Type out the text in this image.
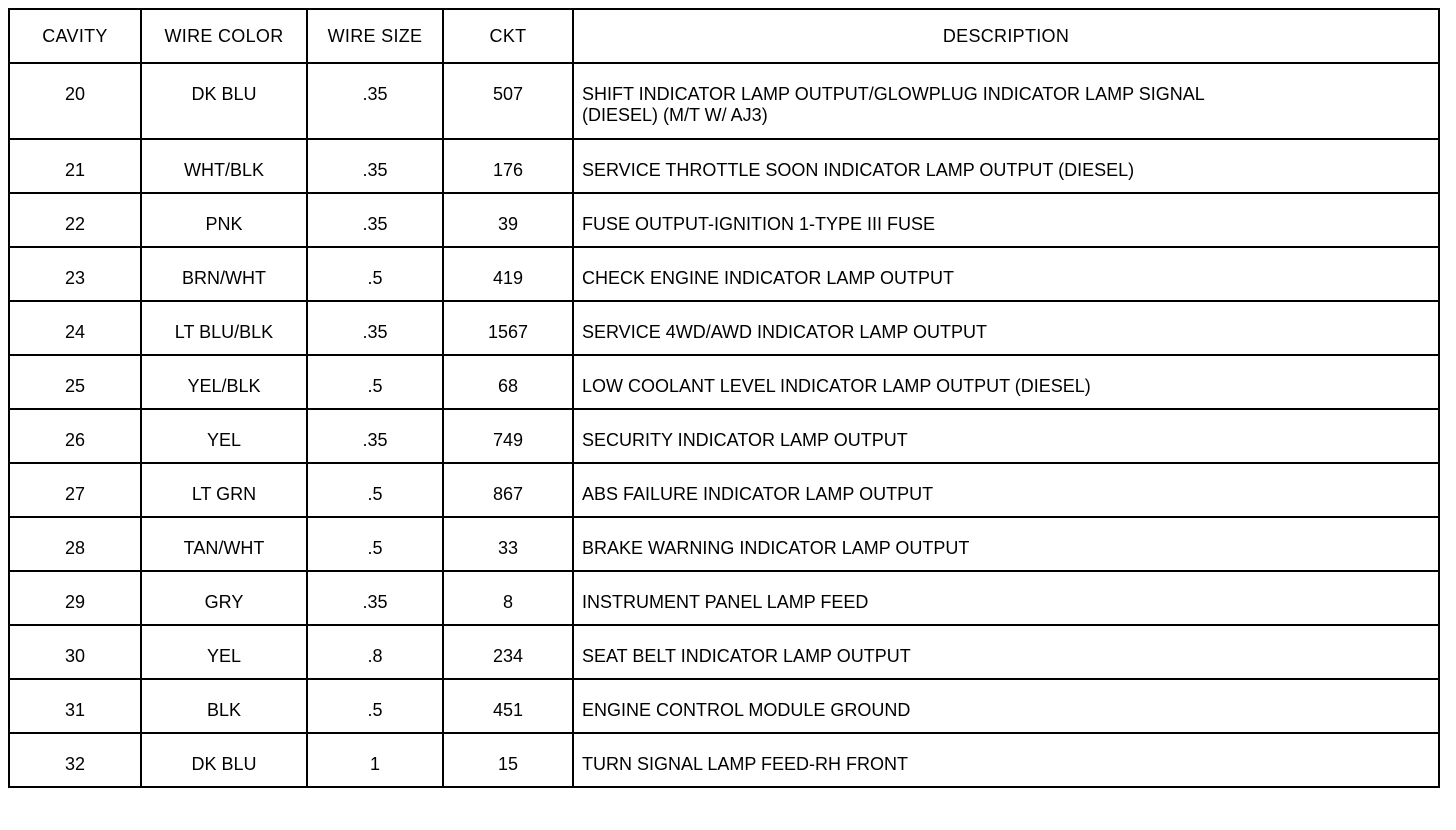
CAVITY	WIRE COLOR	WIRE SIZE	CKT	DESCRIPTION
20	DK BLU	.35	507	SHIFT INDICATOR LAMP OUTPUT/GLOWPLUG INDICATOR LAMP SIGNAL
(DIESEL) (M/T W/ AJ3)

21	WHT/BLK	.35	176	SERVICE THROTTLE SOON INDICATOR LAMP OUTPUT (DIESEL)
22	PNK	.35	39	FUSE OUTPUT-IGNITION 1-TYPE III FUSE
23	BRN/WHT	.5	419	CHECK ENGINE INDICATOR LAMP OUTPUT
24	LT BLU/BLK	.35	1567	SERVICE 4WD/AWD INDICATOR LAMP OUTPUT
25	YEL/BLK	.5	68	LOW COOLANT LEVEL INDICATOR LAMP OUTPUT (DIESEL)
26	YEL	.35	749	SECURITY INDICATOR LAMP OUTPUT
27	LT GRN	.5	867	ABS FAILURE INDICATOR LAMP OUTPUT
28	TAN/WHT	.5	33	BRAKE WARNING INDICATOR LAMP OUTPUT
29	GRY	.35	8	INSTRUMENT PANEL LAMP FEED
30	YEL	.8	234	SEAT BELT INDICATOR LAMP OUTPUT
31	BLK	.5	451	ENGINE CONTROL MODULE GROUND
32	DK BLU	1	15	TURN SIGNAL LAMP FEED-RH FRONT
